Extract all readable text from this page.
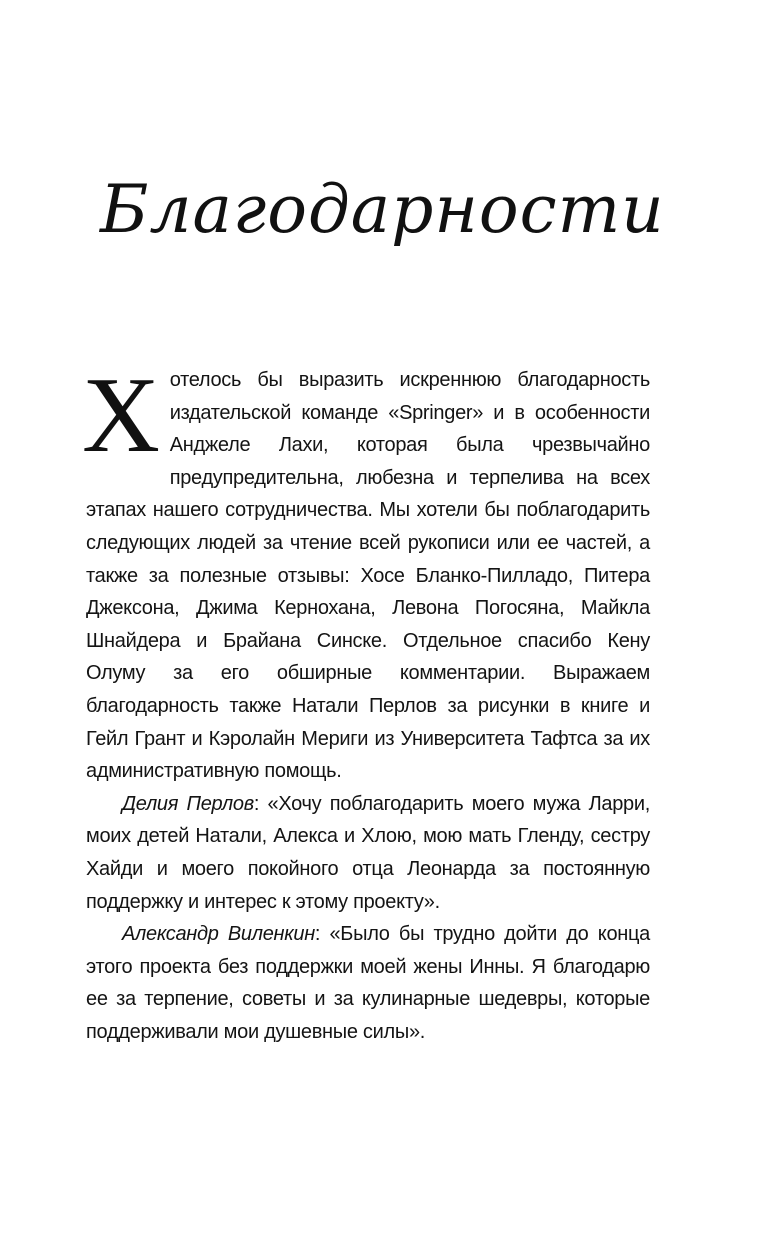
Благодарности

Хотелось бы выразить искреннюю благодарность издательской команде «Springer» и в особенности Анджеле Лахи, которая была чрезвычайно предупредительна, любезна и терпелива на всех этапах нашего сотрудничества. Мы хотели бы поблагодарить следующих людей за чтение всей рукописи или ее частей, а также за полезные отзывы: Хосе Бланко-Пилладо, Питера Джексона, Джима Кернохана, Левона Погосяна, Майкла Шнайдера и Брайана Синске. Отдельное спасибо Кену Олуму за его обширные комментарии. Выражаем благодарность также Натали Перлов за рисунки в книге и Гейл Грант и Кэролайн Мериги из Университета Тафтса за их административную помощь.

Делия Перлов: «Хочу поблагодарить моего мужа Ларри, моих детей Натали, Алекса и Хлою, мою мать Гленду, сестру Хайди и моего покойного отца Леонарда за постоянную поддержку и интерес к этому проекту».

Александр Виленкин: «Было бы трудно дойти до конца этого проекта без поддержки моей жены Инны. Я благодарю ее за терпение, советы и за кулинарные шедевры, которые поддерживали мои душевные силы».
